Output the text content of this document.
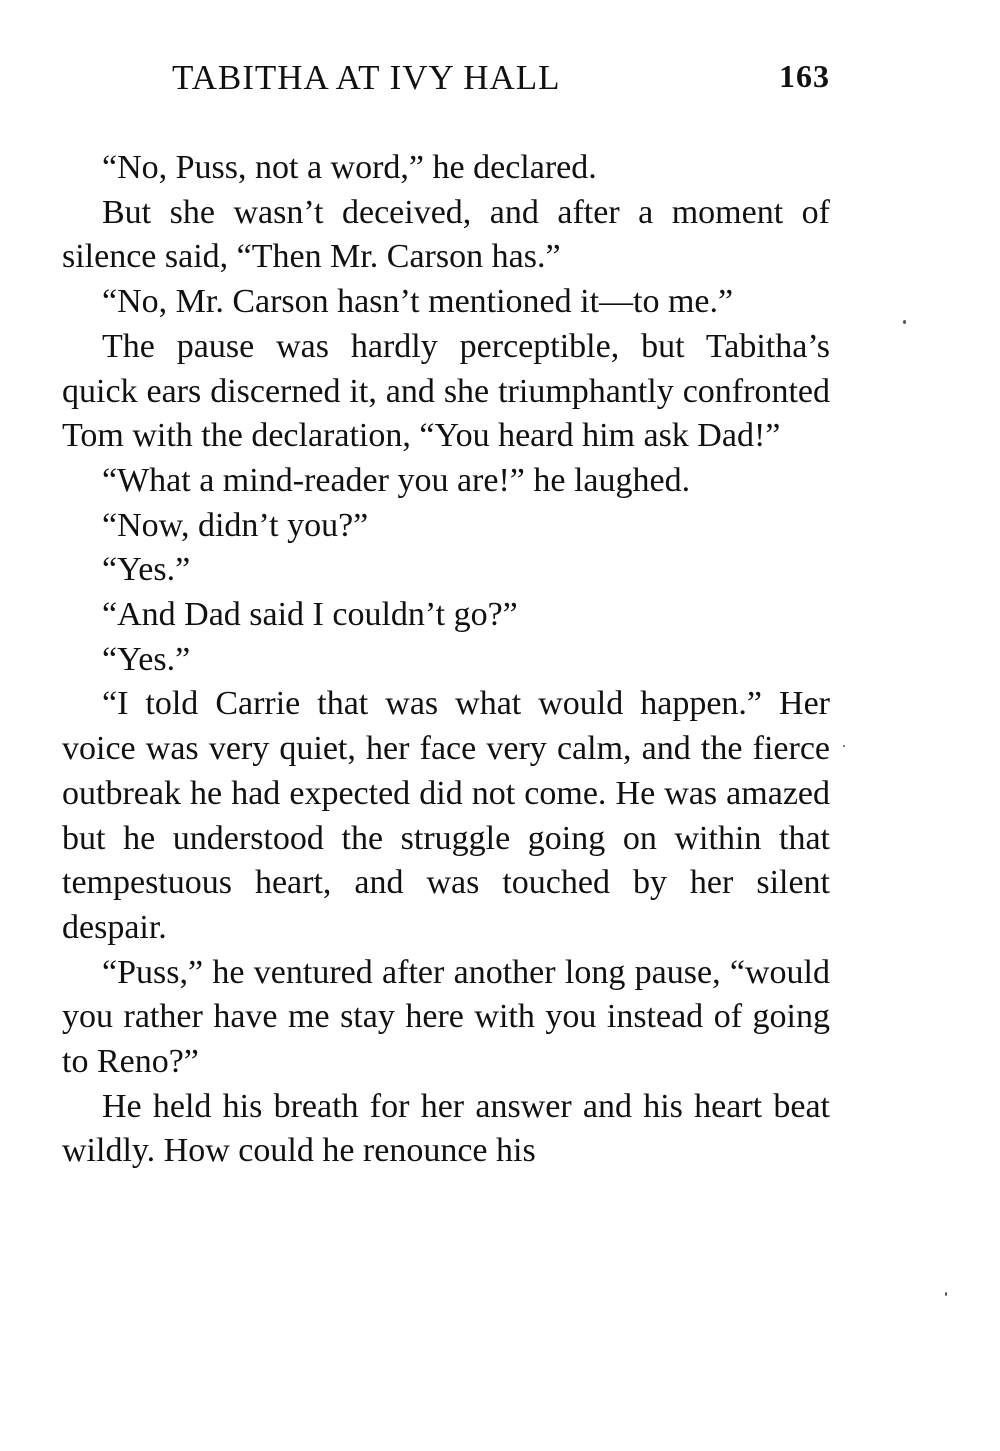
TABITHA AT IVY HALL	163

“No, Puss, not a word,” he declared.

But she wasn’t deceived, and after a moment of silence said, “Then Mr. Carson has.”

“No, Mr. Carson hasn’t mentioned it—to me.”

The pause was hardly perceptible, but Tabitha’s quick ears discerned it, and she triumphantly confronted Tom with the declaration, “You heard him ask Dad!”

“What a mind-reader you are!” he laughed.

“Now, didn’t you?”

“Yes.”

“And Dad said I couldn’t go?”

“Yes.”

“I told Carrie that was what would happen.” Her voice was very quiet, her face very calm, and the fierce outbreak he had expected did not come. He was amazed but he understood the struggle going on within that tempestuous heart, and was touched by her silent despair.

“Puss,” he ventured after another long pause, “would you rather have me stay here with you instead of going to Reno?”

He held his breath for her answer and his heart beat wildly. How could he renounce his
